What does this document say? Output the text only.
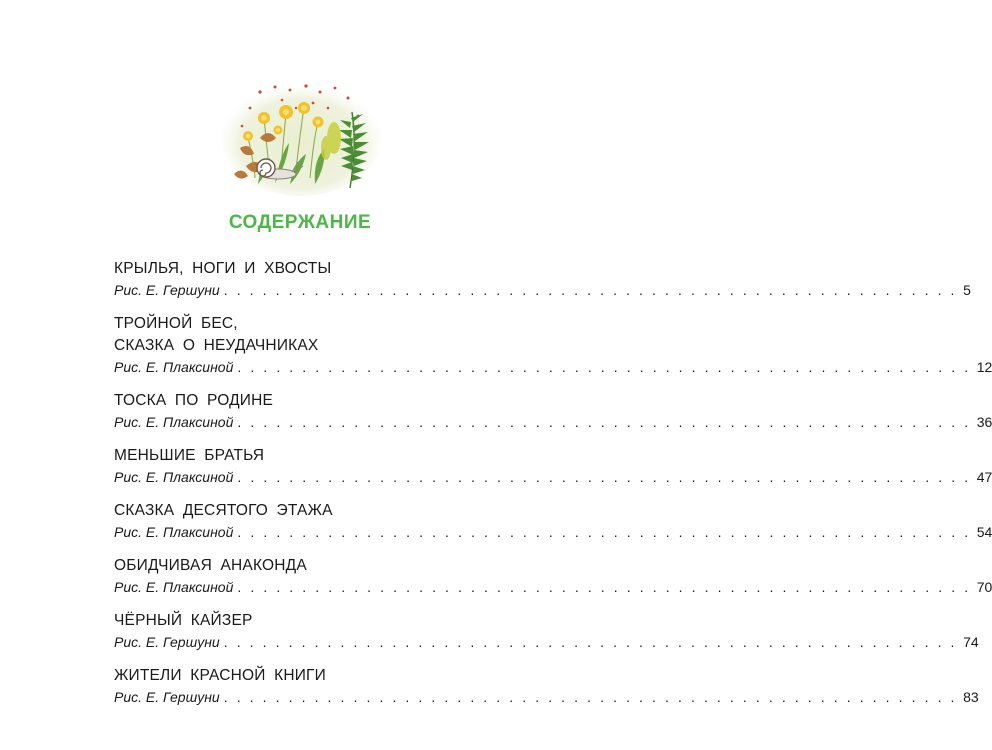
СОДЕРЖАНИЕ
КРЫЛЬЯ, НОГИ И ХВОСТЫ
Рис. Е. Гершуни . . . . . . . . . . . . . . . . . . . . . . . . . . . . . . . . . . . . . . . . . . . . . . . . . . . . . . . . . 5
ТРОЙНОЙ БЕС,
СКАЗКА О НЕУДАЧНИКАХ
Рис. Е. Плаксиной . . . . . . . . . . . . . . . . . . . . . . . . . . . . . . . . . . . . . . . . . . . . . . . . . . . . . . . . . 12
ТОСКА ПО РОДИНЕ
Рис. Е. Плаксиной . . . . . . . . . . . . . . . . . . . . . . . . . . . . . . . . . . . . . . . . . . . . . . . . . . . . . . . . . 36
МЕНЬШИЕ БРАТЬЯ
Рис. Е. Плаксиной . . . . . . . . . . . . . . . . . . . . . . . . . . . . . . . . . . . . . . . . . . . . . . . . . . . . . . . . . 47
СКАЗКА ДЕСЯТОГО ЭТАЖА
Рис. Е. Плаксиной . . . . . . . . . . . . . . . . . . . . . . . . . . . . . . . . . . . . . . . . . . . . . . . . . . . . . . . . . 54
ОБИДЧИВАЯ АНАКОНДА
Рис. Е. Плаксиной . . . . . . . . . . . . . . . . . . . . . . . . . . . . . . . . . . . . . . . . . . . . . . . . . . . . . . . . . 70
ЧЁРНЫЙ КАЙЗЕР
Рис. Е. Гершуни . . . . . . . . . . . . . . . . . . . . . . . . . . . . . . . . . . . . . . . . . . . . . . . . . . . . . . . . . 74
ЖИТЕЛИ КРАСНОЙ КНИГИ
Рис. Е. Гершуни . . . . . . . . . . . . . . . . . . . . . . . . . . . . . . . . . . . . . . . . . . . . . . . . . . . . . . . . . 83
